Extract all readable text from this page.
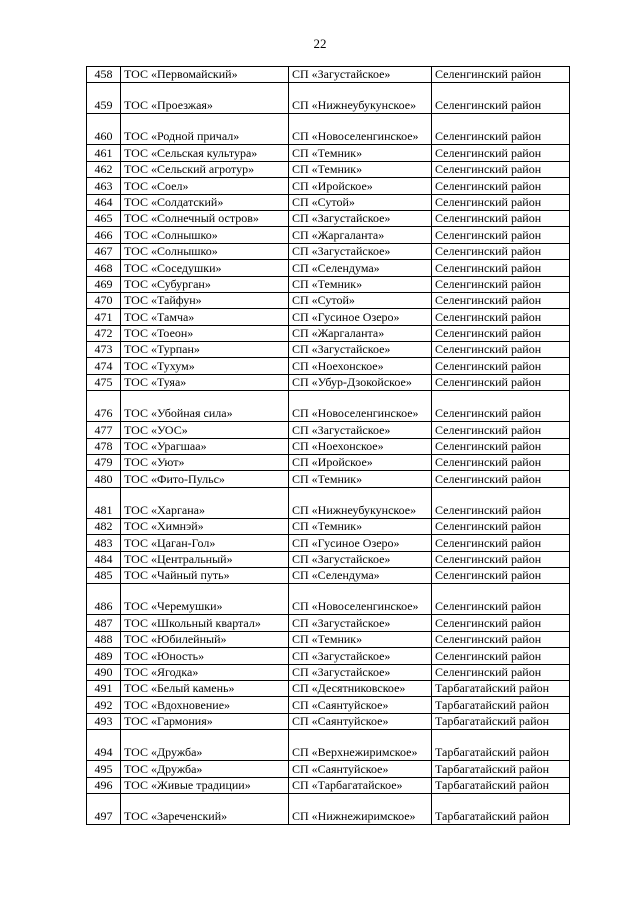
22
458	ТОС «Первомайский»	СП «Загустайское»	Селенгинский район
459	ТОС «Проезжая»	СП «Нижнеубукунское»	Селенгинский район
460	ТОС «Родной причал»	СП «Новоселенгинское»	Селенгинский район
461	ТОС «Сельская культура»	СП «Темник»	Селенгинский район
462	ТОС «Сельский агротур»	СП «Темник»	Селенгинский район
463	ТОС «Соел»	СП «Иройское»	Селенгинский район
464	ТОС «Солдатский»	СП «Сутой»	Селенгинский район
465	ТОС «Солнечный остров»	СП «Загустайское»	Селенгинский район
466	ТОС «Солнышко»	СП «Жаргаланта»	Селенгинский район
467	ТОС «Солнышко»	СП «Загустайское»	Селенгинский район
468	ТОС «Соседушки»	СП «Селендума»	Селенгинский район
469	ТОС «Субурган»	СП «Темник»	Селенгинский район
470	ТОС «Тайфун»	СП «Сутой»	Селенгинский район
471	ТОС «Тамча»	СП «Гусиное Озеро»	Селенгинский район
472	ТОС «Тоеон»	СП «Жаргаланта»	Селенгинский район
473	ТОС «Турпан»	СП «Загустайское»	Селенгинский район
474	ТОС «Тухум»	СП «Ноехонское»	Селенгинский район
475	ТОС «Туяа»	СП «Убур-Дзокойское»	Селенгинский район
476	ТОС «Убойная сила»	СП «Новоселенгинское»	Селенгинский район
477	ТОС «УОС»	СП «Загустайское»	Селенгинский район
478	ТОС «Урагшаа»	СП «Ноехонское»	Селенгинский район
479	ТОС «Уют»	СП «Иройское»	Селенгинский район
480	ТОС «Фито-Пульс»	СП «Темник»	Селенгинский район
481	ТОС «Харгана»	СП «Нижнеубукунское»	Селенгинский район
482	ТОС «Химнэй»	СП «Темник»	Селенгинский район
483	ТОС «Цаган-Гол»	СП «Гусиное Озеро»	Селенгинский район
484	ТОС «Центральный»	СП «Загустайское»	Селенгинский район
485	ТОС «Чайный путь»	СП «Селендума»	Селенгинский район
486	ТОС «Черемушки»	СП «Новоселенгинское»	Селенгинский район
487	ТОС «Школьный квартал»	СП «Загустайское»	Селенгинский район
488	ТОС «Юбилейный»	СП «Темник»	Селенгинский район
489	ТОС «Юность»	СП «Загустайское»	Селенгинский район
490	ТОС «Ягодка»	СП «Загустайское»	Селенгинский район
491	ТОС «Белый камень»	СП «Десятниковское»	Тарбагатайский район
492	ТОС «Вдохновение»	СП «Саянтуйское»	Тарбагатайский район
493	ТОС «Гармония»	СП «Саянтуйское»	Тарбагатайский район
494	ТОС «Дружба»	СП «Верхнежиримское»	Тарбагатайский район
495	ТОС «Дружба»	СП «Саянтуйское»	Тарбагатайский район
496	ТОС «Живые традиции»	СП «Тарбагатайское»	Тарбагатайский район
497	ТОС «Зареченский»	СП «Нижнежиримское»	Тарбагатайский район
